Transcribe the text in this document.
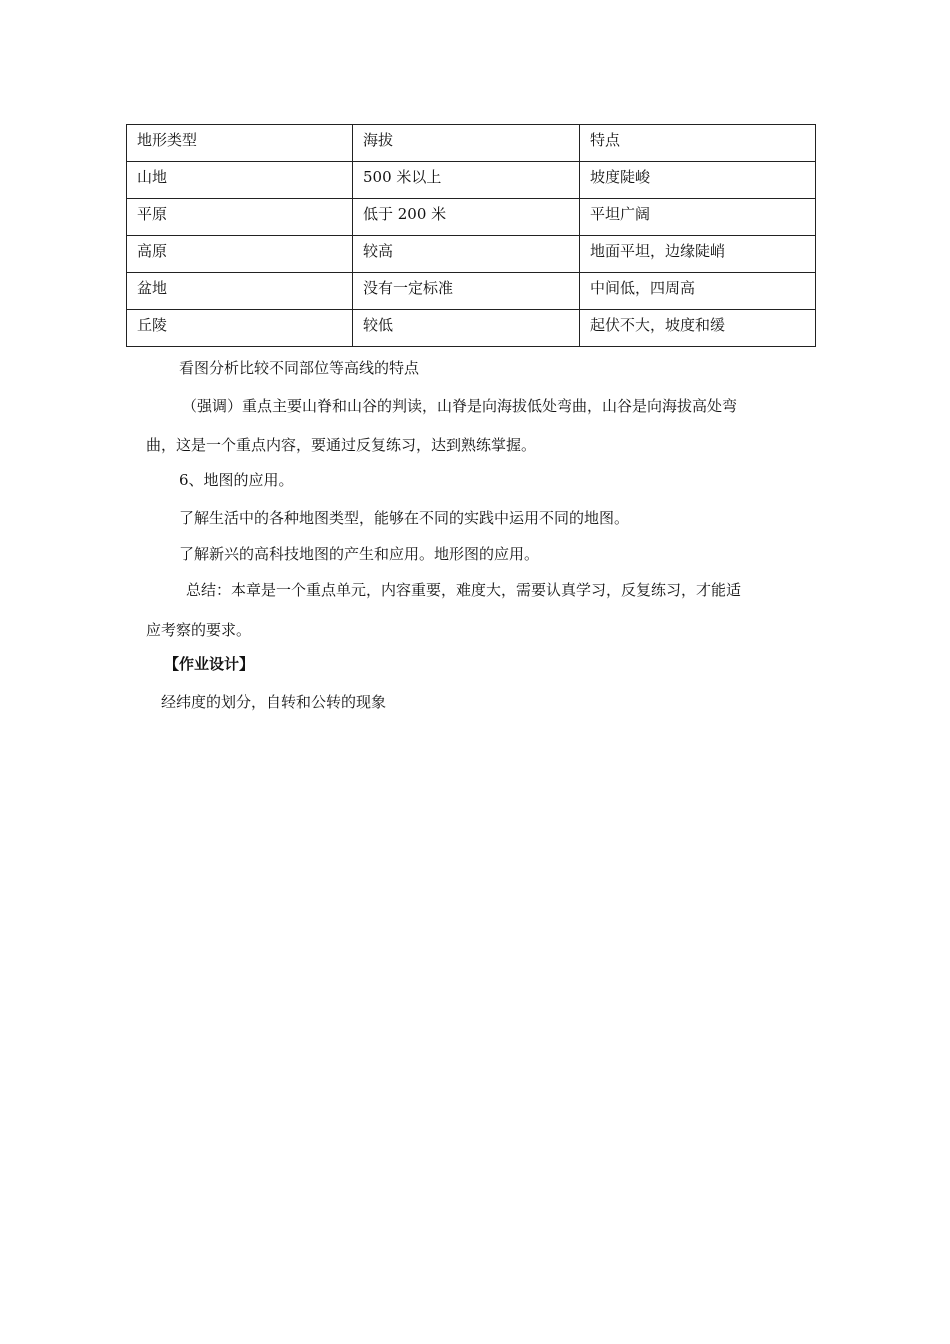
地形类型	海拔	特点
山地	500 米以上	坡度陡峻
平原	低于 200 米	平坦广阔
高原	较高	地面平坦，边缘陡峭
盆地	没有一定标准	中间低，四周高
丘陵	较低	起伏不大，坡度和缓
看图分析比较不同部位等高线的特点
（强调）重点主要山脊和山谷的判读，山脊是向海拔低处弯曲，山谷是向海拔高处弯
曲，这是一个重点内容，要通过反复练习，达到熟练掌握。
6、地图的应用。
了解生活中的各种地图类型，能够在不同的实践中运用不同的地图。
了解新兴的高科技地图的产生和应用。地形图的应用。
总结：本章是一个重点单元，内容重要，难度大，需要认真学习，反复练习，才能适
应考察的要求。
【作业设计】
经纬度的划分，自转和公转的现象
